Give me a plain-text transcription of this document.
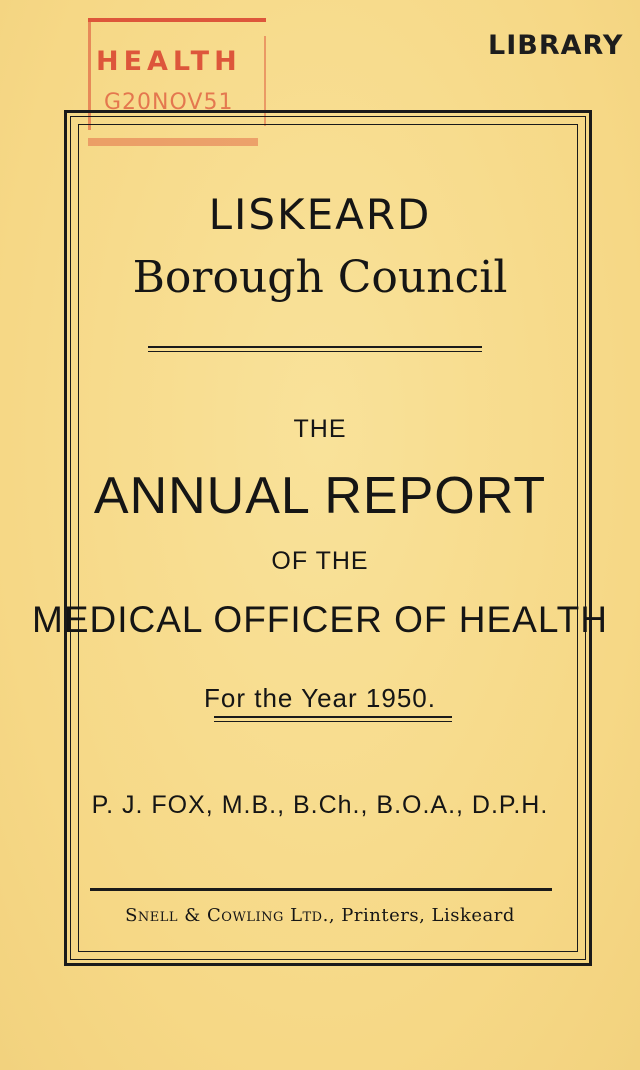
HEALTH
G20NOV51
LIBRARY
LISKEARD
Borough Council
THE
ANNUAL REPORT
OF THE
MEDICAL OFFICER OF HEALTH
For the Year 1950.
P. J. FOX, M.B., B.Ch., B.O.A., D.P.H.
Snell & Cowling Ltd., Printers, Liskeard
